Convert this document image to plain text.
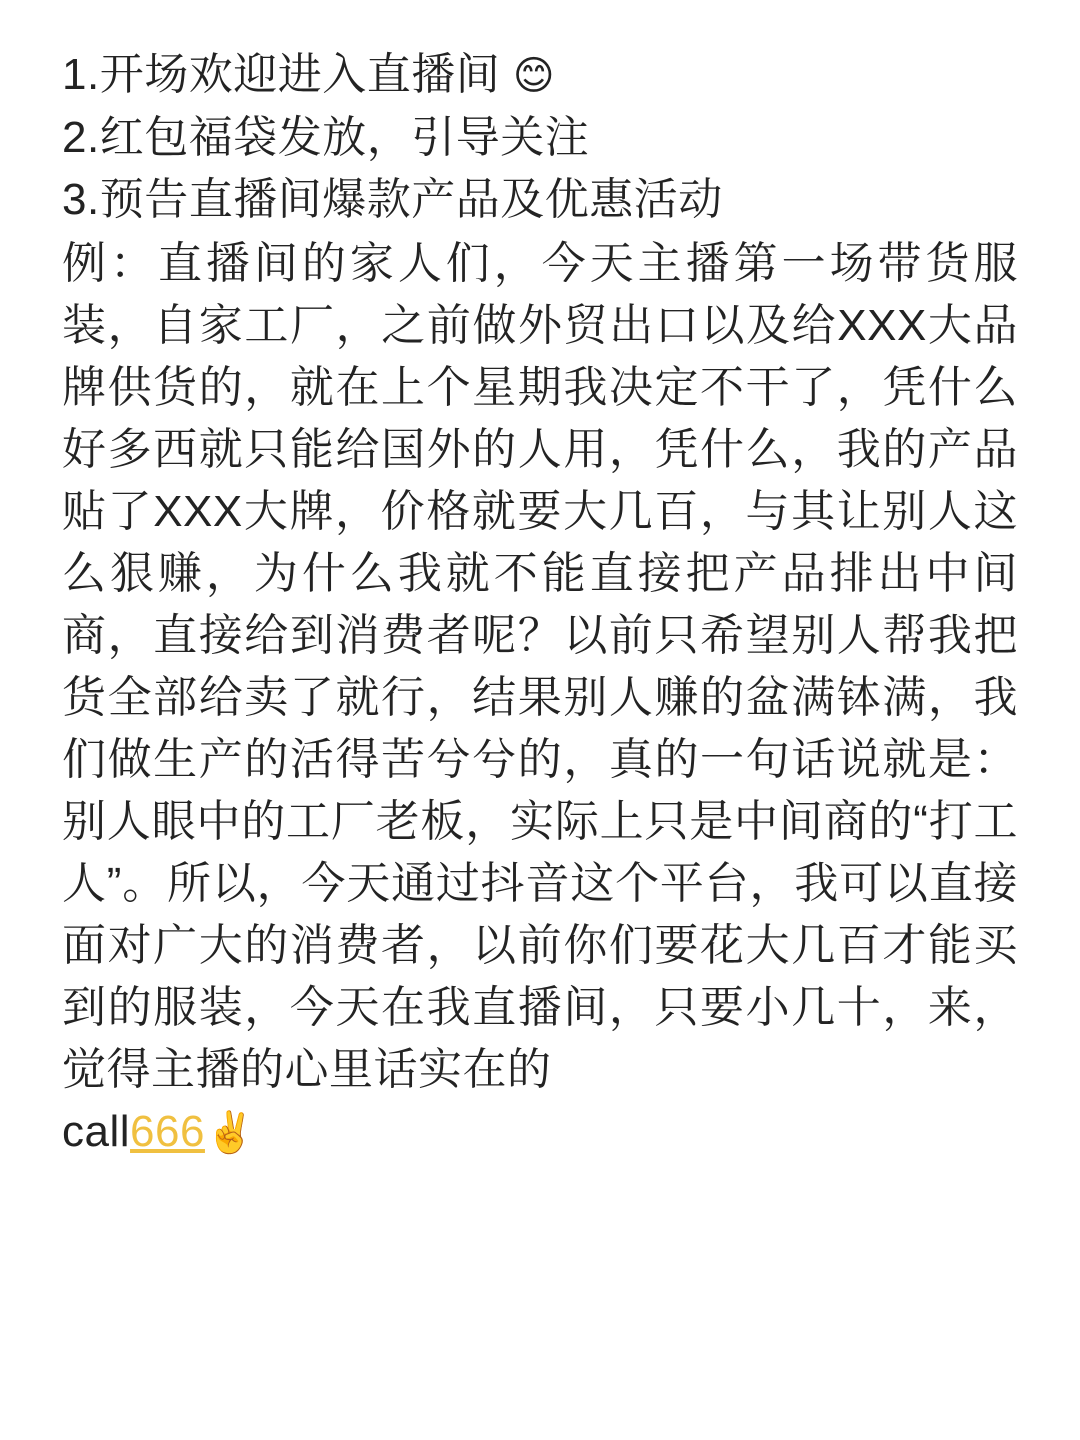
1.开场欢迎进入直播间 😊
2.红包福袋发放，引导关注
3.预告直播间爆款产品及优惠活动
例：直播间的家人们，今天主播第一场带货服装，自家工厂，之前做外贸出口以及给XXX大品牌供货的，就在上个星期我决定不干了，凭什么好多西就只能给国外的人用，凭什么，我的产品贴了XXX大牌，价格就要大几百，与其让别人这么狠赚，为什么我就不能直接把产品排出中间商，直接给到消费者呢？以前只希望别人帮我把货全部给卖了就行，结果别人赚的盆满钵满，我们做生产的活得苦兮兮的，真的一句话说就是：别人眼中的工厂老板，实际上只是中间商的“打工人”。所以，今天通过抖音这个平台，我可以直接面对广大的消费者，以前你们要花大几百才能买到的服装，今天在我直播间，只要小几十，来，觉得主播的心里话实在的
call666✌️
